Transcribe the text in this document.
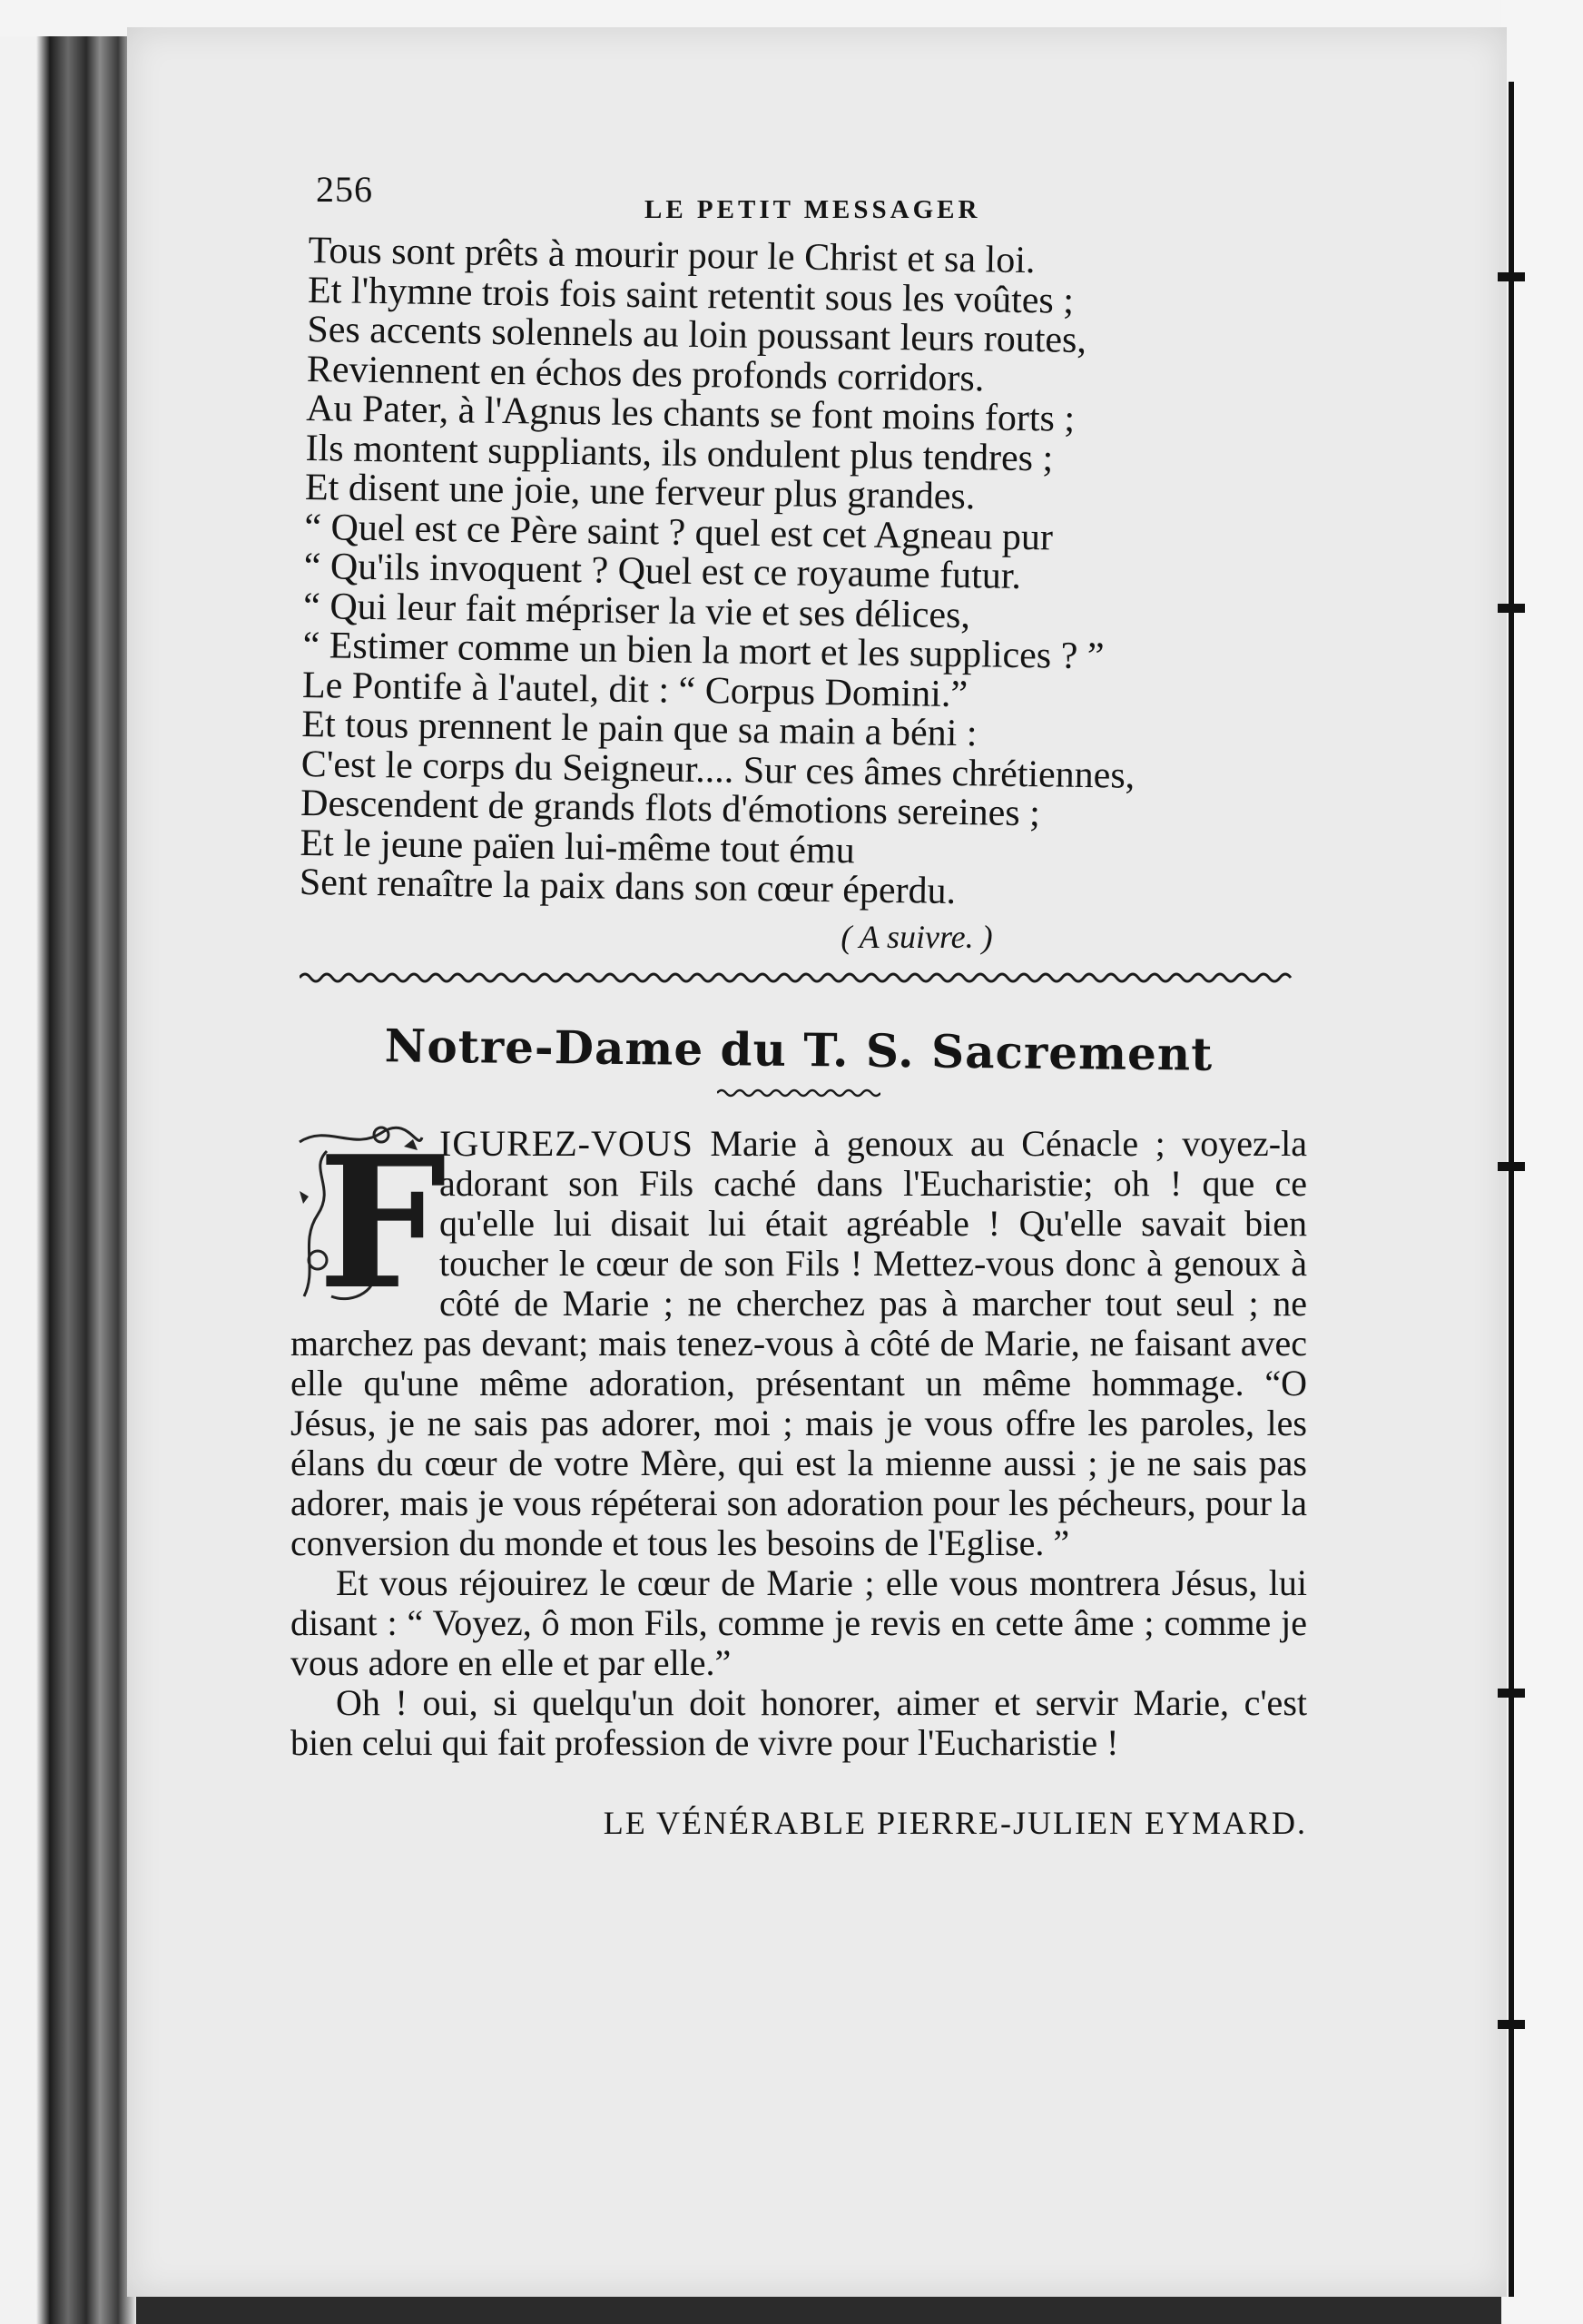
256	LE PETIT MESSAGER
Tous sont prêts à mourir pour le Christ et sa loi.
Et l'hymne trois fois saint retentit sous les voûtes ;
Ses accents solennels au loin poussant leurs routes,
Reviennent en échos des profonds corridors.
Au Pater, à l'Agnus les chants se font moins forts ;
Ils montent suppliants, ils ondulent plus tendres ;
Et disent une joie, une ferveur plus grandes.
“ Quel est ce Père saint ? quel est cet Agneau pur
“ Qu'ils invoquent ? Quel est ce royaume futur.
“ Qui leur fait mépriser la vie et ses délices,
“ Estimer comme un bien la mort et les supplices ? ”
Le Pontife à l'autel, dit : “ Corpus Domini.”
Et tous prennent le pain que sa main a béni :
C'est le corps du Seigneur.... Sur ces âmes chrétiennes,
Descendent de grands flots d'émotions sereines ;
Et le jeune païen lui-même tout ému
Sent renaître la paix dans son cœur éperdu.
( A suivre. )
Notre-Dame du T. S. Sacrement
F

IGUREZ-VOUS Marie à genoux au Cénacle ; voyez-la adorant son Fils caché dans l'Eucharistie; oh ! que ce qu'elle lui disait lui était agréable ! Qu'elle savait bien toucher le cœur de son Fils ! Mettez-vous donc à genoux à côté de Marie ; ne cherchez pas à marcher tout seul ; ne marchez pas devant; mais tenez-vous à côté de Marie, ne faisant avec elle qu'une même adoration, présentant un même hommage. “O Jésus, je ne sais pas adorer, moi ; mais je vous offre les paroles, les élans du cœur de votre Mère, qui est la mienne aussi ; je ne sais pas adorer, mais je vous répéterai son adoration pour les pécheurs, pour la conversion du monde et tous les besoins de l'Eglise. ”

Et vous réjouirez le cœur de Marie ; elle vous montrera Jésus, lui disant : “ Voyez, ô mon Fils, comme je revis en cette âme ; comme je vous adore en elle et par elle.”

Oh ! oui, si quelqu'un doit honorer, aimer et servir Marie, c'est bien celui qui fait profession de vivre pour l'Eucharistie !

LE VÉNÉRABLE PIERRE-JULIEN EYMARD.
